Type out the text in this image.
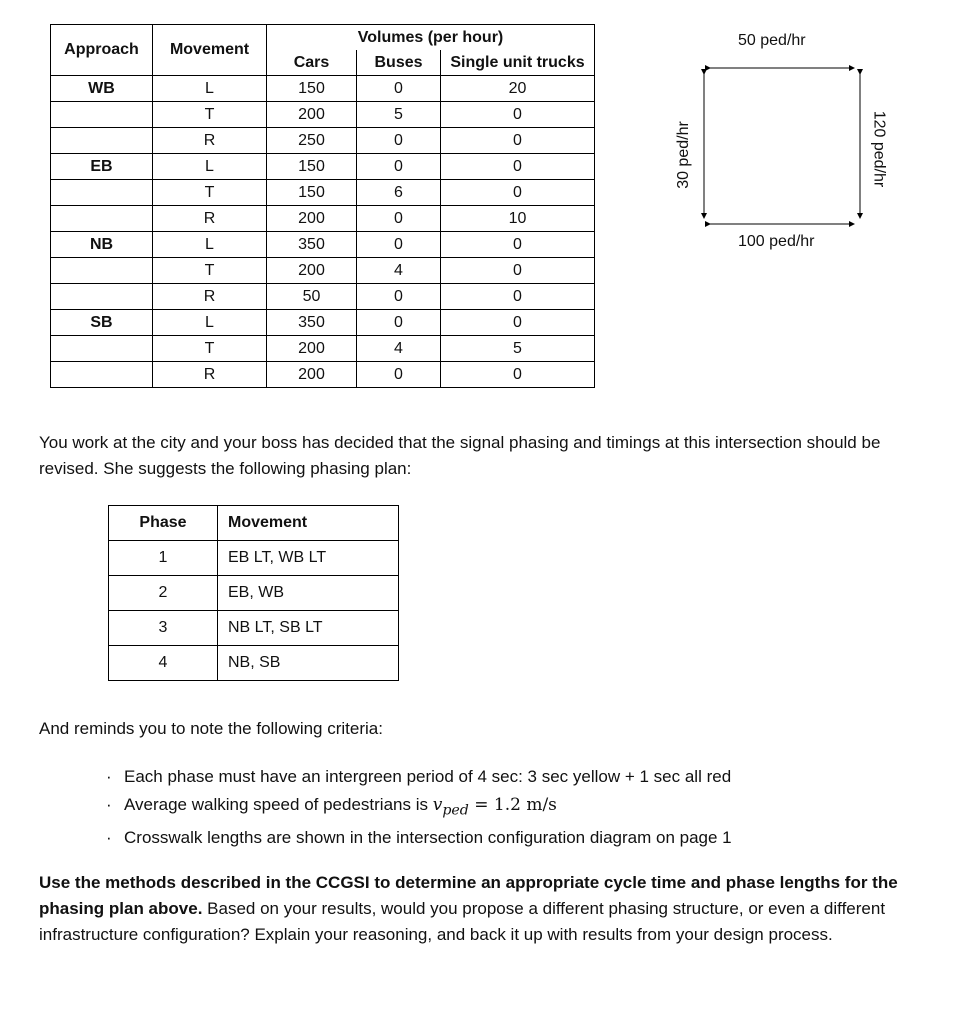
Approach	Movement	Volumes (per hour)		
		Cars	Buses	Single unit trucks
WB	L	150	0	20
	T	200	5	0
	R	250	0	0
EB	L	150	0	0
	T	150	6	0
	R	200	0	10
NB	L	350	0	0
	T	200	4	0
	R	50	0	0
SB	L	350	0	0
	T	200	4	5
	R	200	0	0
50 ped/hr
100 ped/hr
30 ped/hr	120 ped/hr
You work at the city and your boss has decided that the signal phasing and timings at this intersection should be revised. She suggests the following phasing plan:
Phase	Movement
1	EB LT, WB LT
2	EB, WB
3	NB LT, SB LT
4	NB, SB
And reminds you to note the following criteria:
· Each phase must have an intergreen period of 4 sec: 3 sec yellow + 1 sec all red
· Average walking speed of pedestrians is $v_{ped} = 1.2$ m/s
· Crosswalk lengths are shown in the intersection configuration diagram on page 1
Use the methods described in the CCGSI to determine an appropriate cycle time and phase lengths for the phasing plan above. Based on your results, would you propose a different phasing structure, or even a different infrastructure configuration? Explain your reasoning, and back it up with results from your design process.
